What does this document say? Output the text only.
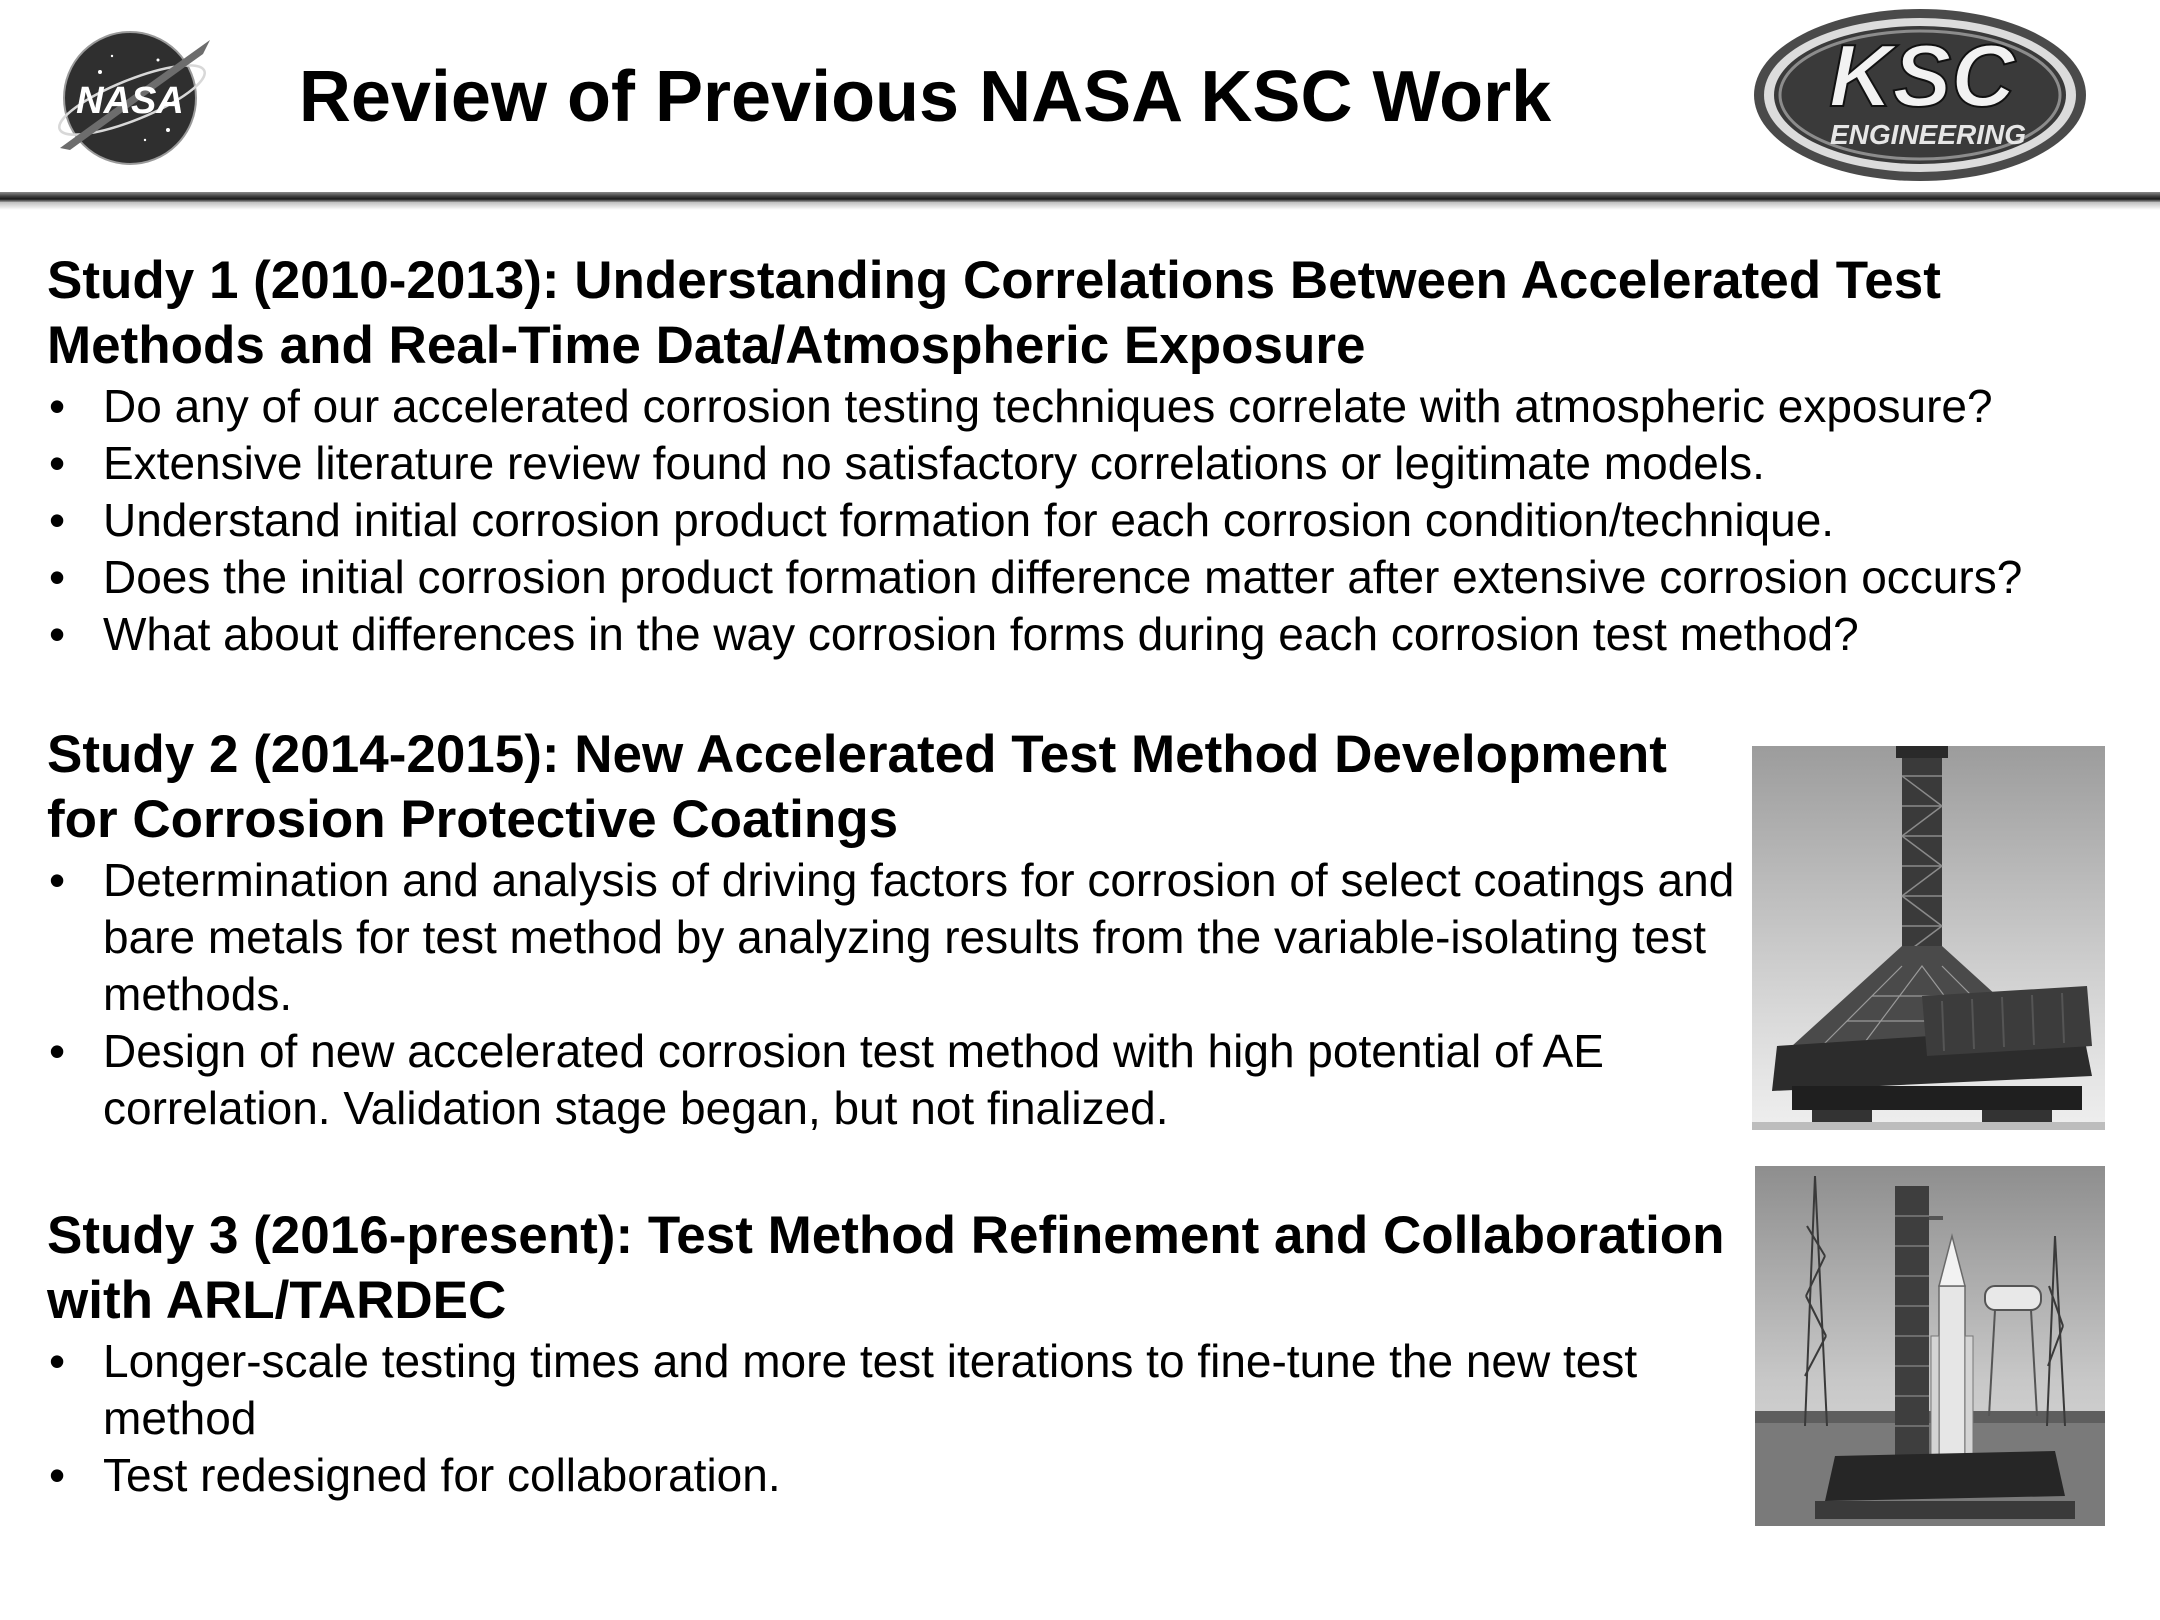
NASA	Review of Previous NASA KSC Work	KSC
ENGINEERING
Study 1 (2010-2013): Understanding Correlations Between Accelerated Test Methods and Real-Time Data/Atmospheric Exposure
• Do any of our accelerated corrosion testing techniques correlate with atmospheric exposure?
• Extensive literature review found no satisfactory correlations or legitimate models.
• Understand initial corrosion product formation for each corrosion condition/technique.
• Does the initial corrosion product formation difference matter after extensive corrosion occurs?
• What about differences in the way corrosion forms during each corrosion test method?
Study 2 (2014-2015): New Accelerated Test Method Development for Corrosion Protective Coatings
• Determination and analysis of driving factors for corrosion of select coatings and bare metals for test method by analyzing results from the variable-isolating test methods.
• Design of new accelerated corrosion test method with high potential of AE correlation. Validation stage began, but not finalized.
Study 3 (2016-present): Test Method Refinement and Collaboration with ARL/TARDEC
• Longer-scale testing times and more test iterations to fine-tune the new test method
• Test redesigned for collaboration.
